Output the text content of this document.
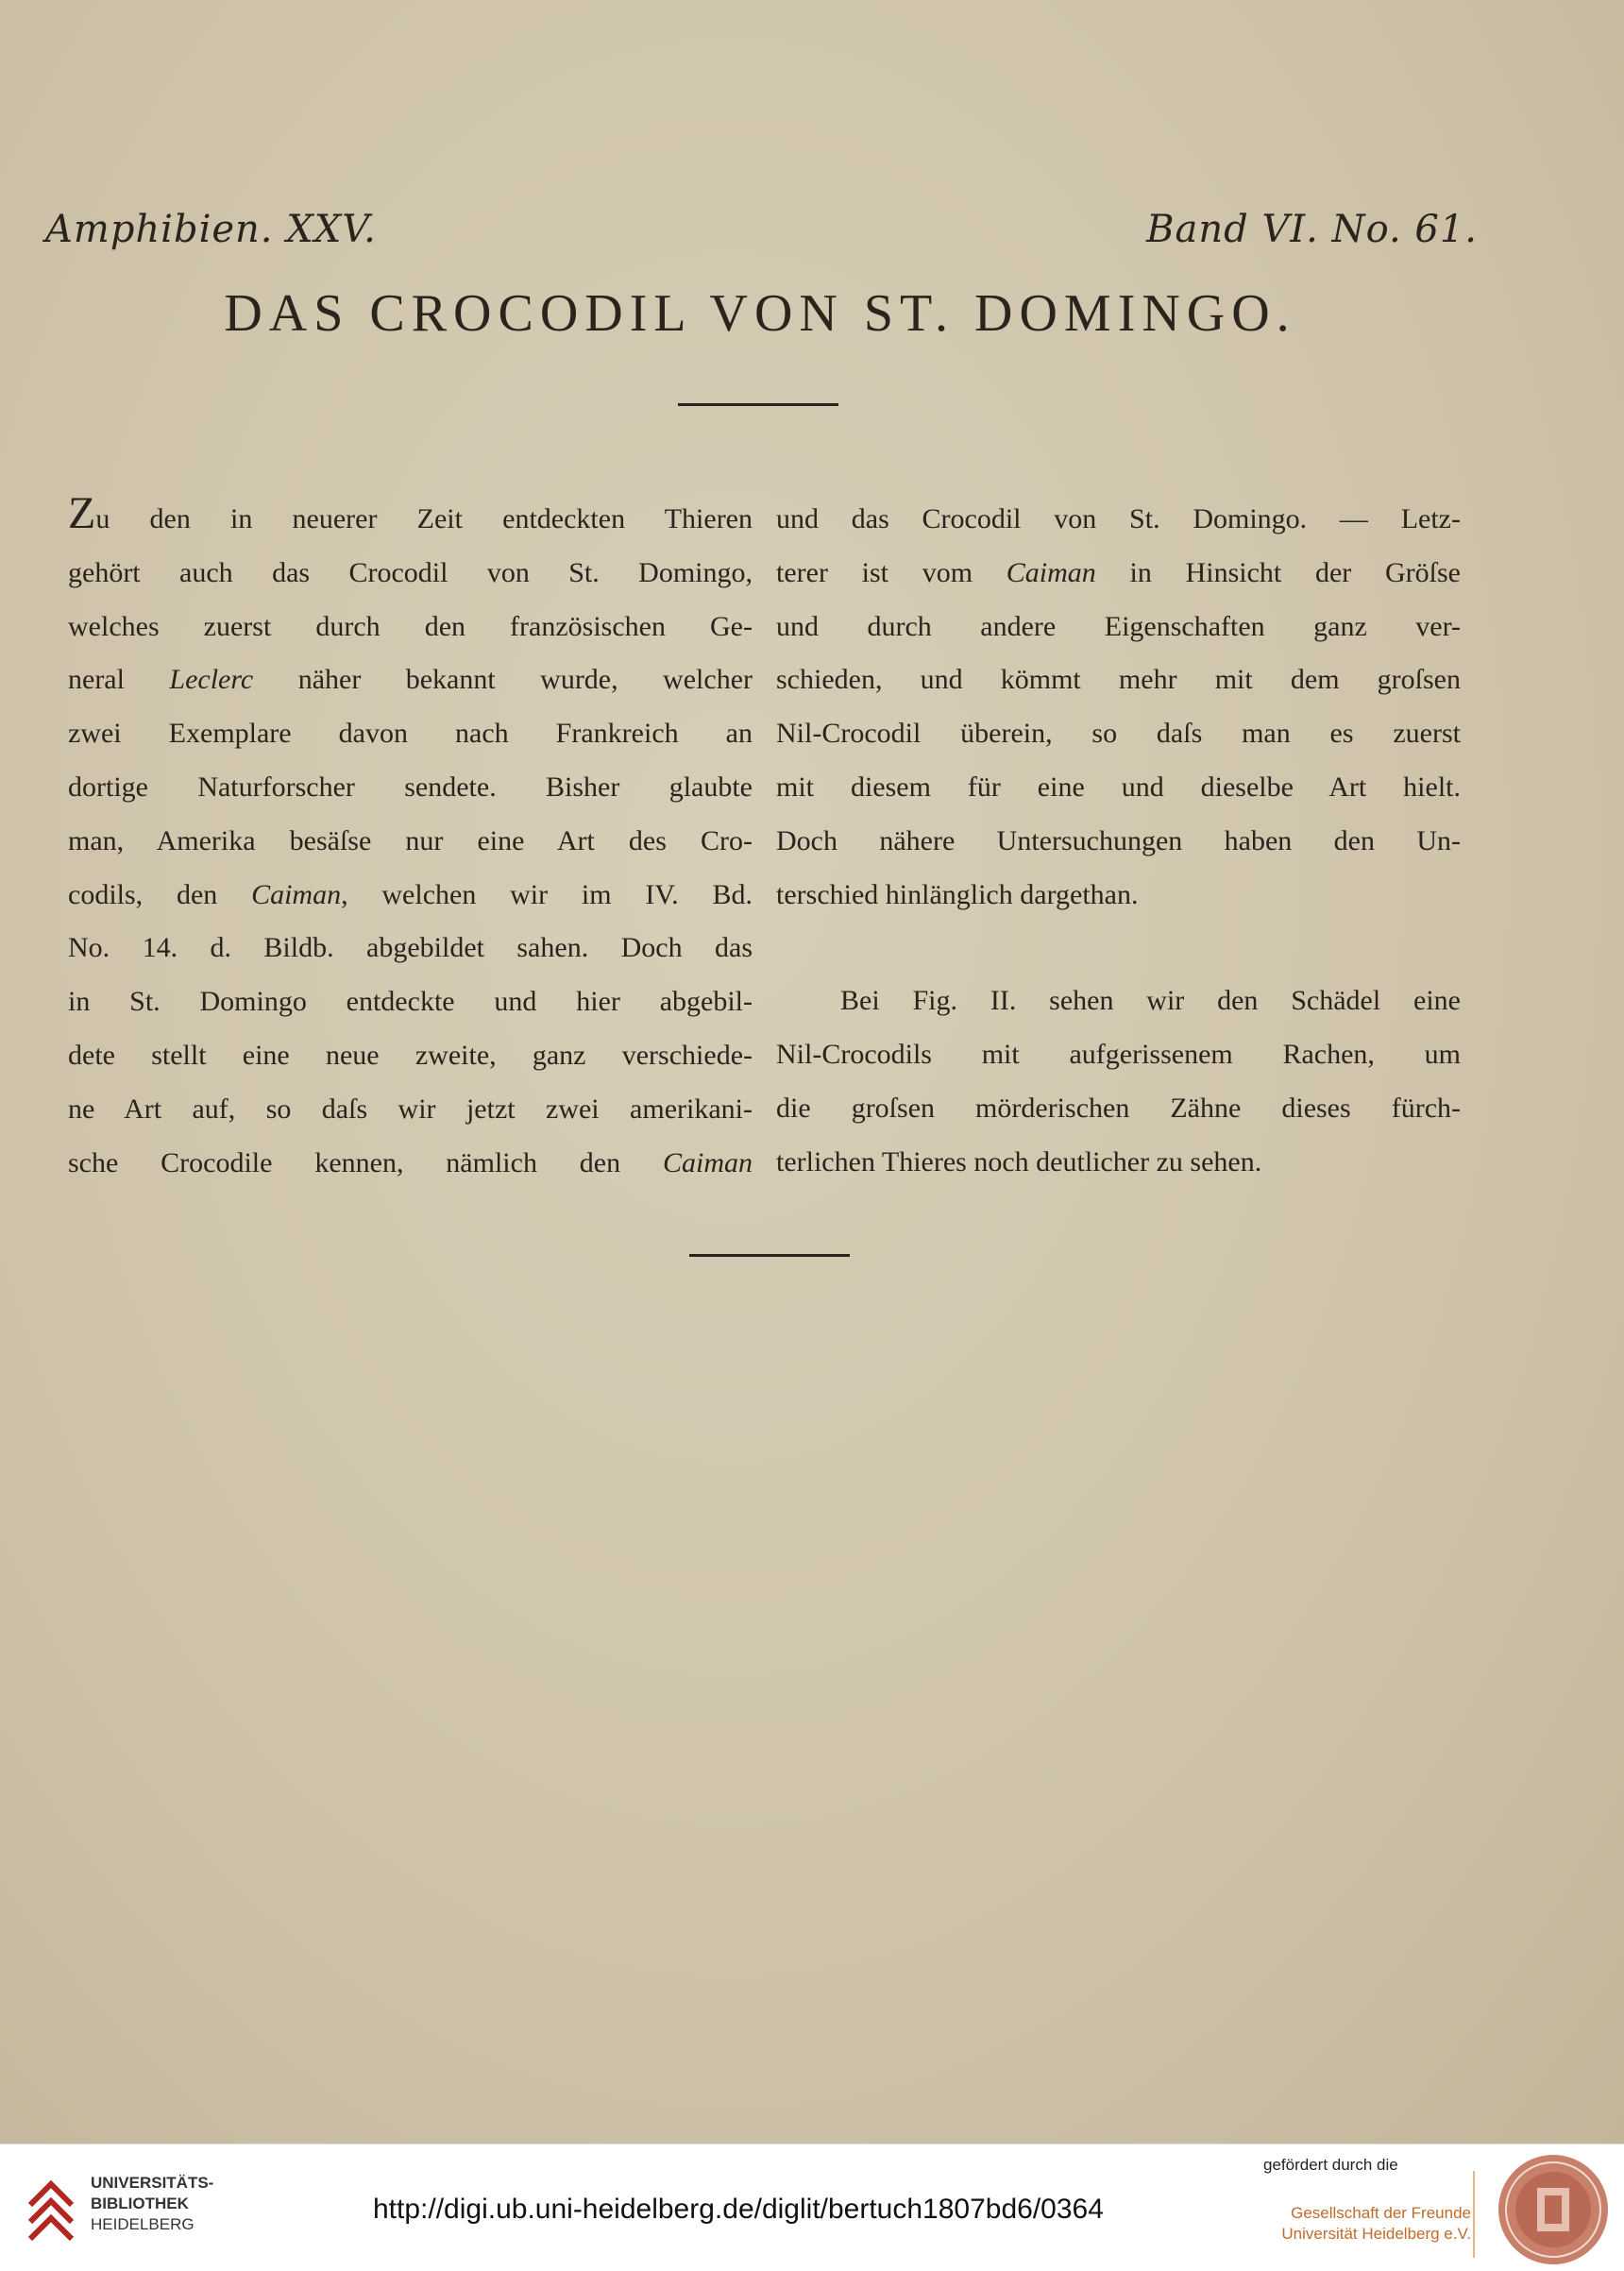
Amphibien. XXV.	Band VI. No. 61.
DAS CROCODIL VON ST. DOMINGO.
Zu den in neuerer Zeit entdeckten Thieren
gehört auch das Crocodil von St. Domingo,
welches zuerst durch den französischen Ge-
neral Leclerc näher bekannt wurde, welcher
zwei Exemplare davon nach Frankreich an
dortige Naturforscher sendete. Bisher glaubte
man, Amerika besäſse nur eine Art des Cro-
codils, den Caiman, welchen wir im IV. Bd.
No. 14. d. Bildb. abgebildet sahen. Doch das
in St. Domingo entdeckte und hier abgebil-
dete stellt eine neue zweite, ganz verschiede-
ne Art auf, so daſs wir jetzt zwei amerikani-
sche Crocodile kennen, nämlich den Caiman
und das Crocodil von St. Domingo. — Letz-
terer ist vom Caiman in Hinsicht der Gröſse
und durch andere Eigenschaften ganz ver-
schieden, und kömmt mehr mit dem groſsen
Nil-Crocodil überein, so daſs man es zuerst
mit diesem für eine und dieselbe Art hielt.
Doch nähere Untersuchungen haben den Un-
terschied hinlänglich dargethan.
Bei Fig. II. sehen wir den Schädel eine
Nil-Crocodils mit aufgerissenem Rachen, um
die groſsen mörderischen Zähne dieses fürch-
terlichen Thieres noch deutlicher zu sehen.
UNIVERSITÄTS-
BIBLIOTHEK
HEIDELBERG	http://digi.ub.uni-heidelberg.de/diglit/bertuch1807bd6/0364
gefördert durch die
Gesellschaft der Freunde
Universität Heidelberg e.V.
